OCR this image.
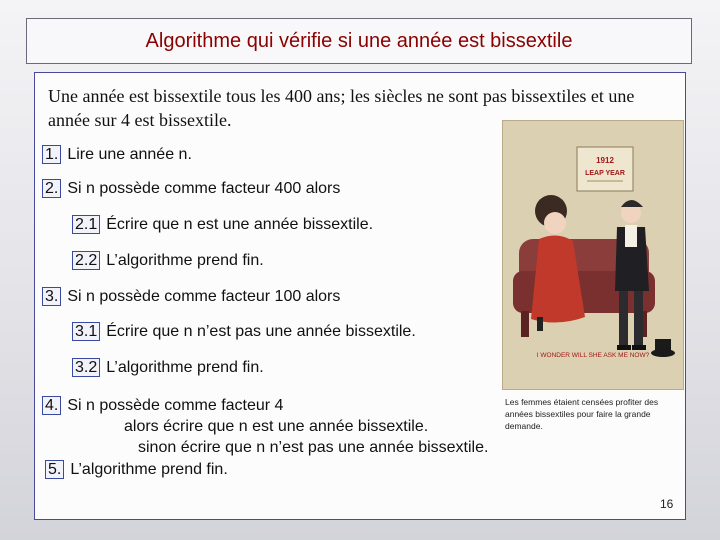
Algorithme qui vérifie si une année est bissextile
Une année est bissextile tous les 400 ans; les siècles ne sont pas bissextiles et une année sur 4 est bissextile.
1. Lire une année n.
2. Si n possède comme facteur 400 alors
2.1 Écrire que n est une année bissextile.
2.2 L’algorithme prend fin.
3. Si n possède comme facteur 100 alors
3.1 Écrire que n n’est pas une année bissextile.
3.2 L’algorithme prend fin.
4. Si n possède comme facteur 4
alors écrire que n est une année bissextile.
sinon écrire que n n’est pas une année bissextile.
5. L’algorithme prend fin.
1912
LEAP YEAR
I WONDER WILL SHE ASK ME NOW?
Les femmes étaient censées profiter des années bissextiles pour faire la grande demande.
16
